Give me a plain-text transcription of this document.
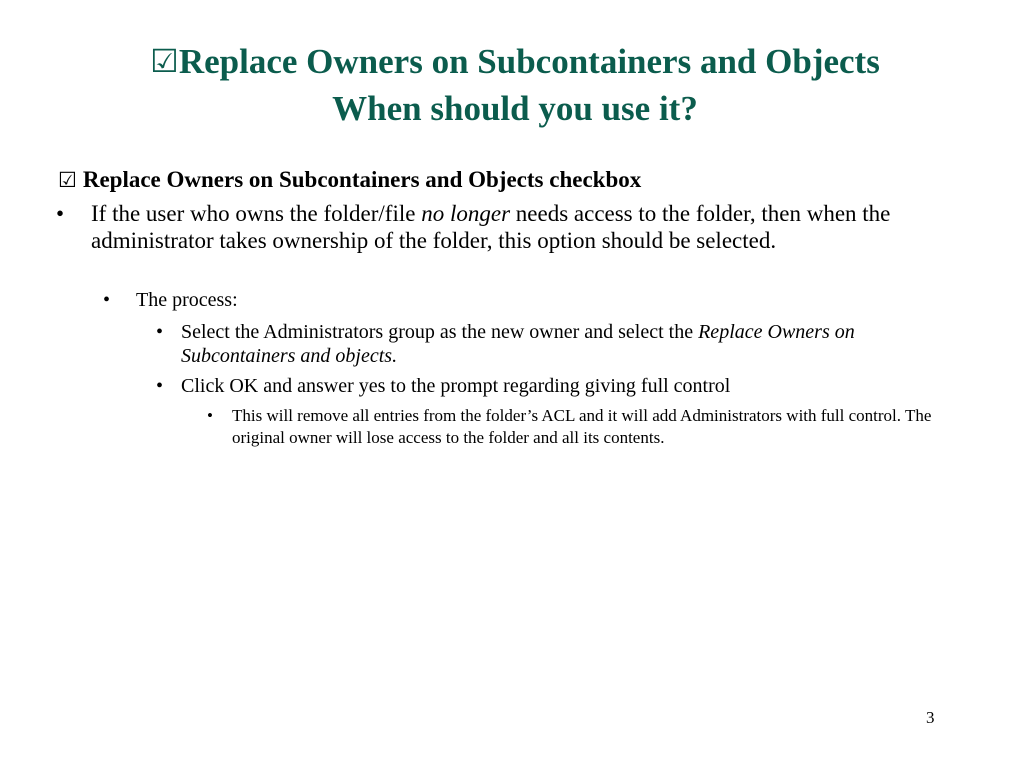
☑Replace Owners on Subcontainers and Objects
When should you use it?
☑ Replace Owners on Subcontainers and Objects checkbox
• If the user who owns the folder/file no longer needs access to the folder, then when the administrator takes ownership of the folder, this option should be selected.
• The process:
• Select the Administrators group as the new owner and select the Replace Owners on Subcontainers and objects.
• Click OK and answer yes to the prompt regarding giving full control
• This will remove all entries from the folder’s ACL and it will add Administrators with full control. The original owner will lose access to the folder and all its contents.
3
